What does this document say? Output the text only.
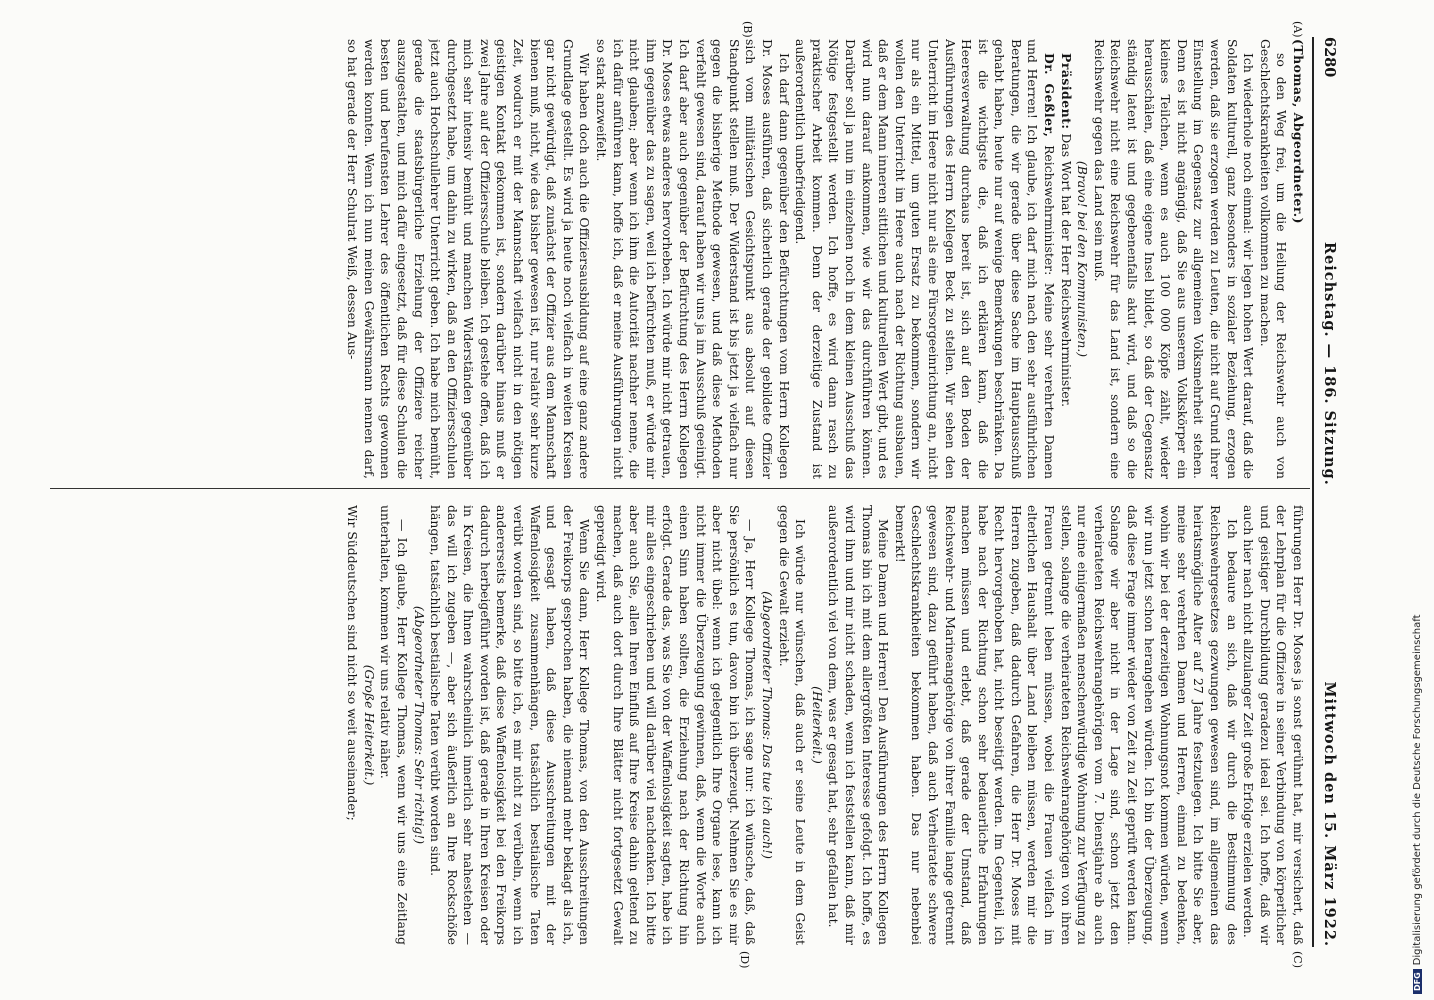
6280
Reichstag. — 186. Sitzung.
Mittwoch den 15. März 1922.
(A)
(B)
(C)
(D)

(Thomas, Abgeordneter.)

so den Weg frei, um die Heilung der Reichswehr auch von Geschlechtskrankheiten vollkommen zu machen.

Ich wiederhole noch einmal: wir legen hohen Wert darauf, daß die Soldaten kulturell, ganz besonders in sozialer Beziehung, erzogen werden, daß sie erzogen werden zu Leuten, die nicht auf Grund ihrer Einstellung im Gegensatz zur allgemeinen Volksmehrheit stehen. Denn es ist nicht angängig, daß Sie aus unserem Volkskörper ein kleines Teilchen, wenn es auch 100 000 Köpfe zählt, wieder herausschälen, daß eine eigene Insel bildet, so daß der Gegensatz ständig latent ist und gegebenenfalls akut wird, und daß so die Reichswehr nicht eine Reichswehr für das Land ist, sondern eine Reichswehr gegen das Land sein muß.

(Bravo! bei den Kommunisten.)

Präsident: Das Wort hat der Herr Reichswehrminister.

Dr. Geßler, Reichswehrminister: Meine sehr verehrten Damen und Herren! Ich glaube, ich darf mich nach den sehr ausführlichen Beratungen, die wir gerade über diese Sache im Hauptausschuß gehabt haben, heute nur auf wenige Bemerkungen beschränken. Da ist die wichtigste die, daß ich erklären kann, daß die Heeresverwaltung durchaus bereit ist, sich auf den Boden der Ausführungen des Herrn Kollegen Beck zu stellen. Wir sehen den Unterricht im Heere nicht nur als eine Fürsorgeeinrichtung an, nicht nur als ein Mittel, um guten Ersatz zu bekommen, sondern wir wollen den Unterricht im Heere auch nach der Richtung ausbauen, daß er dem Mann inneren sittlichen und kulturellen Wert gibt, und es wird nun darauf ankommen, wie wir das durchführen können. Darüber soll ja nun im einzelnen noch in dem kleinen Ausschuß das Nötige festgestellt werden. Ich hoffe, es wird dann rasch zu praktischer Arbeit kommen. Denn der derzeitige Zustand ist außerordentlich unbefriedigend.

Ich darf dann gegenüber den Befürchtungen vom Herrn Kollegen Dr. Moses ausführen, daß sicherlich gerade der gebildete Offizier sich vom militärischen Gesichtspunkt aus absolut auf diesen Standpunkt stellen muß. Der Widerstand ist bis jetzt ja vielfach nur gegen die bisherige Methode gewesen, und daß diese Methoden verfehlt gewesen sind, darauf haben wir uns ja im Ausschuß geeinigt. Ich darf aber auch gegenüber der Befürchtung des Herrn Kollegen Dr. Moses etwas anderes hervorheben. Ich würde mir nicht getrauen, ihm gegenüber das zu sagen, weil ich befürchten muß, er würde mir nicht glauben; aber wenn ich ihm die Autorität nachher nenne, die ich dafür anführen kann, hoffe ich, daß er meine Ausführungen nicht so stark anzweifelt.

Wir haben doch auch die Offiziersausbildung auf eine ganz andere Grundlage gestellt. Es wird ja heute noch vielfach in weiten Kreisen gar nicht gewürdigt, daß zunächst der Offizier aus dem Mannschaft bienen muß, nicht, wie das bisher gewesen ist, nur relativ sehr kurze Zeit, wodurch er mit der Mannschaft vielfach nicht in den nötigen geistigen Kontakt gekommen ist, sondern darüber hinaus muß er zwei Jahre auf der Offiziersschule bleiben. Ich gestehe offen, daß ich mich sehr intensiv bemüht und manchen Widerständen gegenüber durchgesetzt habe, um dahin zu wirken, daß an den Offiziersschulen jetzt auch Hochschullehrer Unterricht geben. Ich habe mich bemüht, gerade die staatsbürgerliche Erziehung der Offiziere reicher auszugestalten, und mich dafür eingesetzt, daß für diese Schulen die besten und berufensten Lehrer des öffentlichen Rechts gewonnen werden konnten. Wenn ich nun meinen Gewährsmann nennen darf, so hat gerade der Herr Schulrat Weiß, dessen Aus-

führungen Herr Dr. Moses ja sonst gerühmt hat, mir versichert, daß der Lehrplan für die Offiziere in seiner Verbindung von körperlicher und geistiger Durchbildung geradezu ideal sei. Ich hoffe, daß wir auch hier nach nicht allzulanger Zeit große Erfolge erzielen werden.

Ich bedaure an sich, daß wir durch die Bestimmung des Reichswehrgesetzes gezwungen gewesen sind, im allgemeinen das heiratsmögliche Alter auf 27 Jahre festzulegen. Ich bitte Sie aber, meine sehr verehrten Damen und Herren, einmal zu bedenken, wohin wir bei der derzeitigen Wohnungsnot kommen würden, wenn wir nun jetzt schon herangehen würden. Ich bin der Überzeugung, daß diese Frage immer wieder von Zeit zu Zeit geprüft werden kann. Solange wir aber nicht in der Lage sind, schon jetzt den verheirateten Reichswehrangehörigen vom 7. Dienstjahre ab auch nur eine einigermaßen menschenwürdige Wohnung zur Verfügung zu stellen, solange die verheirateten Reichswehrangehörigen von ihren Frauen getrennt leben müssen, wobei die Frauen vielfach im elterlichen Haushalt über Land bleiben müssen, werden mir die Herren zugeben, daß dadurch Gefahren, die Herr Dr. Moses mit Recht hervorgehoben hat, nicht beseitigt werden. Im Gegenteil, ich habe nach der Richtung schon sehr bedauerliche Erfahrungen machen müssen und erlebt, daß gerade der Umstand, daß Reichswehr- und Marineangehörige von ihrer Familie lange getrennt gewesen sind, dazu geführt haben, daß auch Verheiratete schwere Geschlechtskrankheiten bekommen haben. Das nur nebenbei bemerkt!

Meine Damen und Herren! Den Ausführungen des Herrn Kollegen Thomas bin ich mit dem allergrößten Interesse gefolgt. Ich hoffe, es wird ihm und mir nicht schaden, wenn ich feststellen kann, daß mir außerordentlich viel von dem, was er gesagt hat, sehr gefallen hat.

(Heiterkeit.)

Ich würde nur wünschen, daß auch er seine Leute in dem Geist gegen die Gewalt erzieht.

(Abgeordneter Thomas: Das tue ich auch!)

— Ja, Herr Kollege Thomas, ich sage nur: ich wünsche, daß, daß Sie persönlich es tun, davon bin ich überzeugt. Nehmen Sie es mir aber nicht übel: wenn ich gelegentlich Ihre Organe lese, kann ich nicht immer die Überzeugung gewinnen, daß, wenn die Worte auch einen Sinn haben sollten, die Erziehung nach der Richtung hin erfolgt. Gerade das, was Sie von der Waffenlosigkeit sagten, habe ich mir alles eingeschrieben und will darüber viel nachdenken. Ich bitte aber auch Sie, allen Ihren Einfluß auf Ihre Kreise dahin geltend zu machen, daß auch dort durch Ihre Blätter nicht fortgesetzt Gewalt gepredigt wird.

Wenn Sie dann, Herr Kollege Thomas, von den Ausschreitungen der Freikorps gesprochen haben, die niemand mehr beklagt als ich, und gesagt haben, daß diese Ausschreitungen mit der Waffenlosigkeit zusammenhängen, tatsächlich bestialische Taten verübt worden sind, so bitte ich, es mir nicht zu verübeln, wenn ich andererseits bemerke, daß diese Waffenlosigkeit bei den Freikorps dadurch herbeigeführt worden ist, daß gerade in Ihren Kreisen oder in Kreisen, die Ihnen wahrscheinlich innerlich sehr nahestehen — das will ich zugeben —, aber sich äußerlich an Ihre Rockschöße hängen, tatsächlich bestialische Taten verübt worden sind.

(Abgeordneter Thomas: Sehr richtig!)

— Ich glaube, Herr Kollege Thomas, wenn wir uns eine Zeitlang unterhalten, kommen wir uns relativ näher.

(Große Heiterkeit.)

Wir Süddeutschen sind nicht so weit auseinander;

DFGDigitalisierung gefördert durch die Deutsche Forschungsgemeinschaft
